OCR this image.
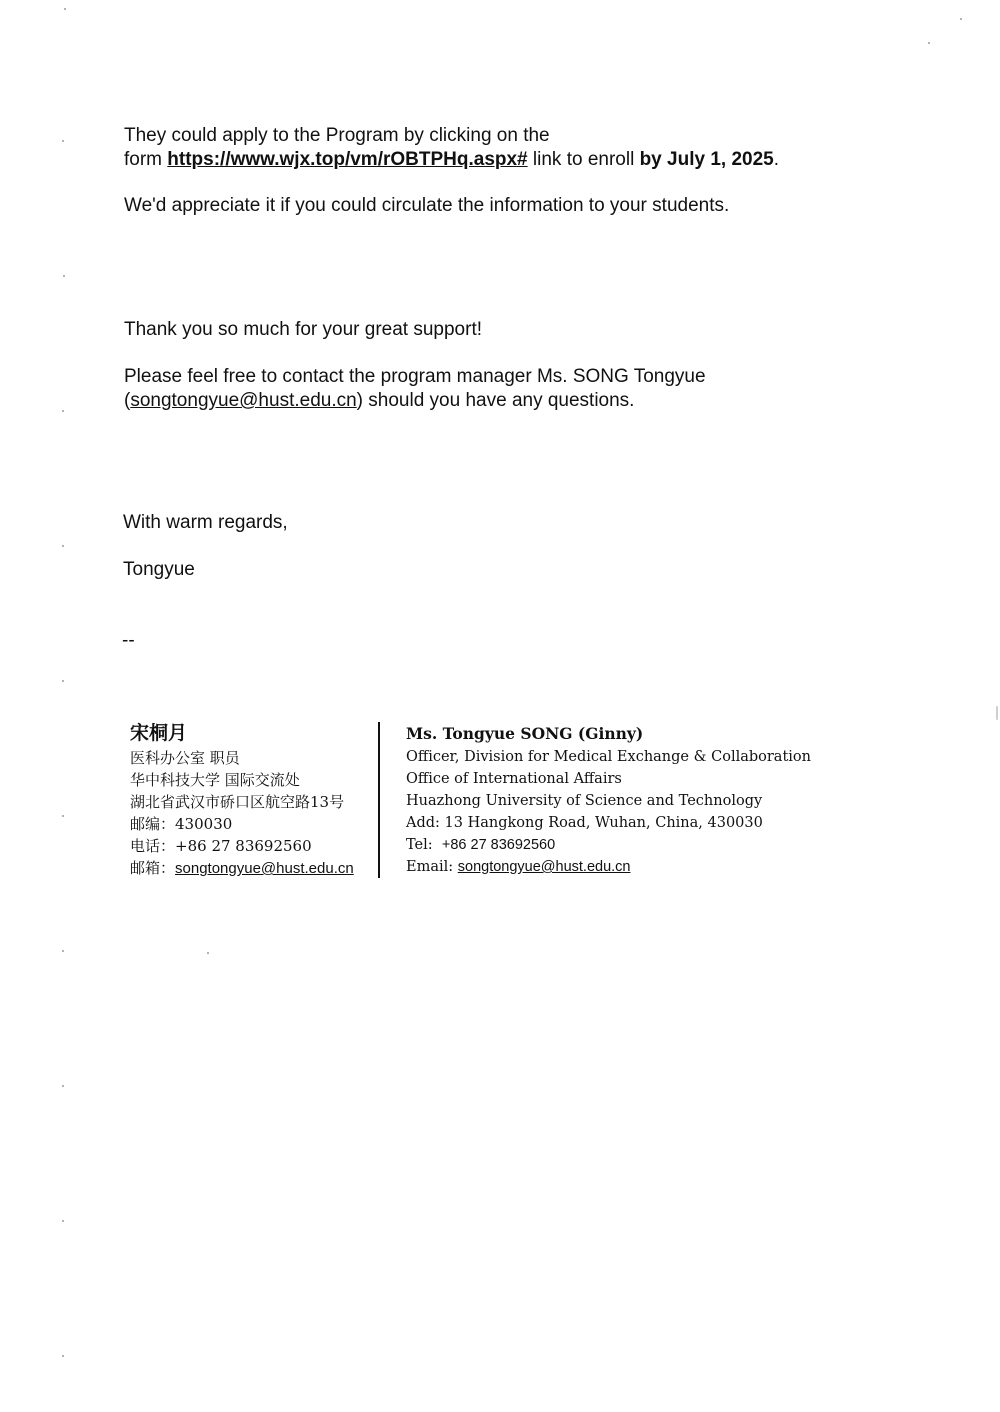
They could apply to the Program by clicking on the
form https://www.wjx.top/vm/rOBTPHq.aspx# link to enroll by July 1, 2025.

We'd appreciate it if you could circulate the information to your students.

Thank you so much for your great support!

Please feel free to contact the program manager Ms. SONG Tongyue
(songtongyue@hust.edu.cn) should you have any questions.

With warm regards,

Tongyue

--

宋桐月
医科办公室 职员
华中科技大学 国际交流处
湖北省武汉市硚口区航空路13号
邮编：430030
电话：+86 27 83692560
邮箱：songtongyue@hust.edu.cn
Ms. Tongyue SONG (Ginny)
Officer, Division for Medical Exchange & Collaboration
Office of International Affairs
Huazhong University of Science and Technology
Add: 13 Hangkong Road, Wuhan, China, 430030
Tel:  +86 27 83692560
Email: songtongyue@hust.edu.cn
